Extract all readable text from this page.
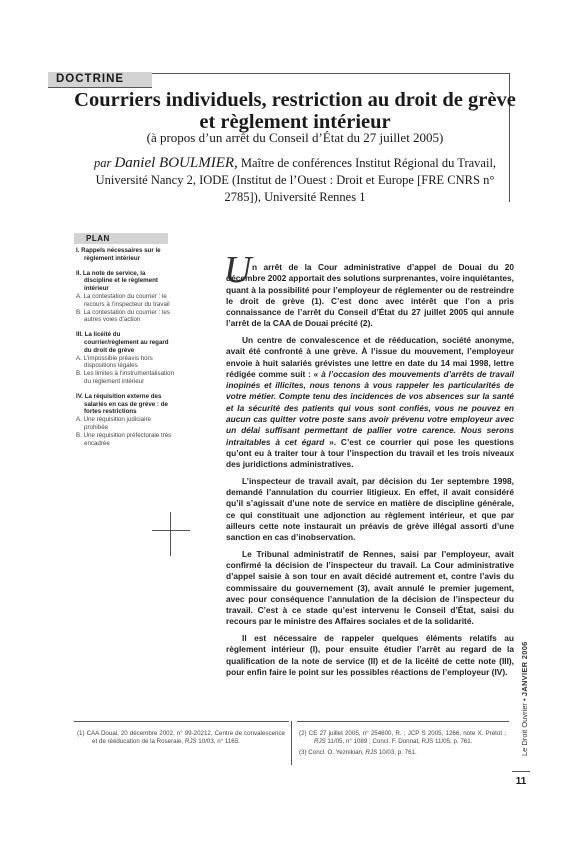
DOCTRINE
Courriers individuels, restriction au droit de grève et règlement intérieur
(à propos d’un arrêt du Conseil d’État du 27 juillet 2005)
par Daniel BOULMIER, Maître de conférences Institut Régional du Travail, Université Nancy 2, IODE (Institut de l’Ouest : Droit et Europe [FRE CNRS n° 2785]), Université Rennes 1
PLAN
I. Rappels nécessaires sur le règlement intérieur
II. La note de service, la discipline et le règlement intérieur
A. La contestation du courrier : le recours à l’inspecteur du travail
B. La contestation du courrier : les autres voies d’action
III. La licéité du courrier/règlement au regard du droit de grève
A. L’impossible préavis hors dispositions légales
B. Les limites à l’instrumentalisation du règlement intérieur
IV. La réquisition externe des salariés en cas de grève : de fortes restrictions
A. Une réquisition judiciaire prohibée
B. Une réquisition préfectorale très encadrée
U n arrêt de la Cour administrative d’appel de Douai du 20 décembre 2002 apportait des solutions surprenantes, voire inquiétantes, quant à la possibilité pour l’employeur de réglementer ou de restreindre le droit de grève (1). C’est donc avec intérêt que l’on a pris connaissance de l’arrêt du Conseil d’État du 27 juillet 2005 qui annule l’arrêt de la CAA de Douai précité (2).

Un centre de convalescence et de rééducation, société anonyme, avait été confronté à une grève. À l’issue du mouvement, l’employeur envoie à huit salariés grévistes une lettre en date du 14 mai 1998, lettre rédigée comme suit : « à l’occasion des mouvements d’arrêts de travail inopinés et illicites, nous tenons à vous rappeler les particularités de votre métier. Compte tenu des incidences de vos absences sur la santé et la sécurité des patients qui vous sont confiés, vous ne pouvez en aucun cas quitter votre poste sans avoir prévenu votre employeur avec un délai suffisant permettant de pallier votre carence. Nous serons intraitables à cet égard ». C’est ce courrier qui pose les questions qu’ont eu à traiter tour à tour l’inspection du travail et les trois niveaux des juridictions administratives.

L’inspecteur de travail avait, par décision du 1er septembre 1998, demandé l’annulation du courrier litigieux. En effet, il avait considéré qu’il s’agissait d’une note de service en matière de discipline générale, ce qui constituait une adjonction au règlement intérieur, et que par ailleurs cette note instaurait un préavis de grève illégal assorti d’une sanction en cas d’inobservation.

Le Tribunal administratif de Rennes, saisi par l’employeur, avait confirmé la décision de l’inspecteur du travail. La Cour administrative d’appel saisie à son tour en avait décidé autrement et, contre l’avis du commissaire du gouvernement (3), avait annulé le premier jugement, avec pour conséquence l’annulation de la décision de l’inspecteur du travail. C’est à ce stade qu’est intervenu le Conseil d’État, saisi du recours par le ministre des Affaires sociales et de la solidarité.

Il est nécessaire de rappeler quelques éléments relatifs au règlement intérieur (I), pour ensuite étudier l’arrêt au regard de la qualification de la note de service (II) et de la licéité de cette note (III), pour enfin faire le point sur les possibles réactions de l’employeur (IV).

(1) CAA Douai, 20 décembre 2002, n° 99-20212, Centre de convalescence et de rééducation de la Roseraie, RJS 10/03, n° 1165.
(2) CE 27 juillet 2005, n° 254600, R. ; JCP S 2005, 1266, note X. Prétot ; RJS 11/05, n° 1089 ; Concl. F. Donnat, RJS 11/05, p. 761.
(3) Concl. O. Yeznikian, RJS 10/03, p. 761.	Le Droit Ouvrier • JANVIER 2006
11
